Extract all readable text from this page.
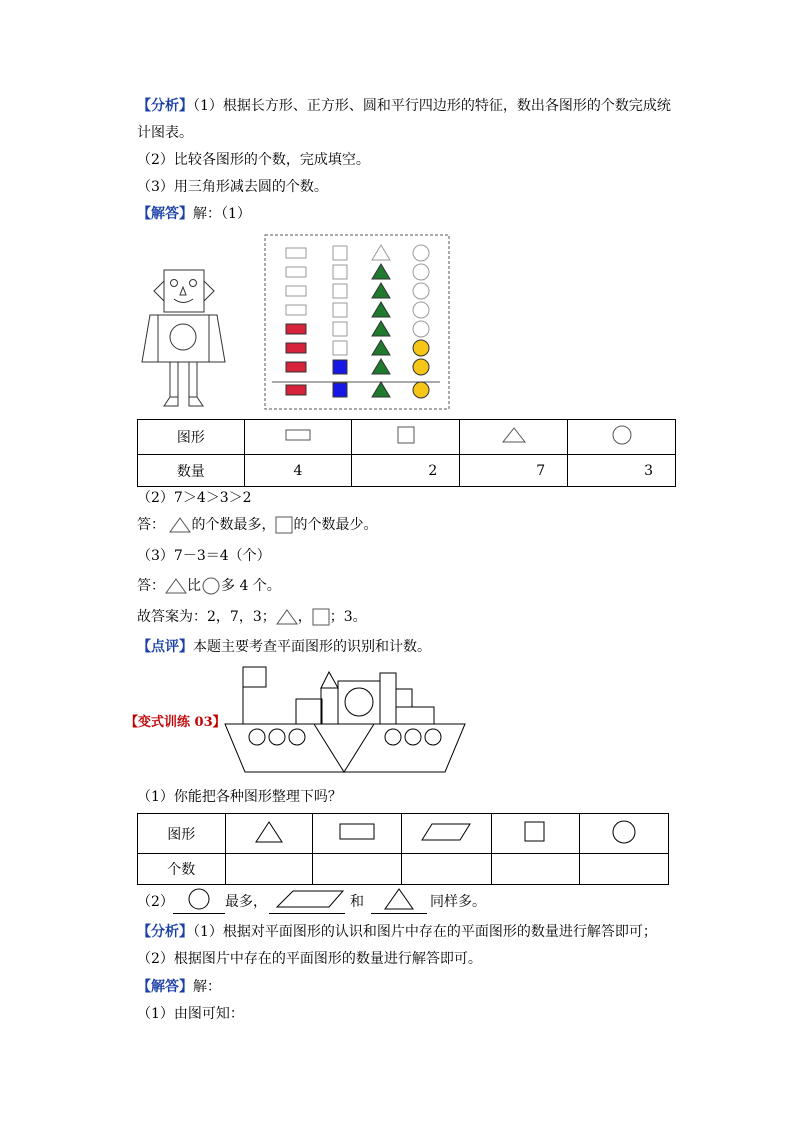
【分析】（1）根据长方形、正方形、圆和平行四边形的特征，数出各图形的个数完成统
计图表。
（2）比较各图形的个数，完成填空。
（3）用三角形减去圆的个数。
【解答】解：（1）
图形				
数量	4	2	7	3
（2）7＞4＞3＞2
答： 的个数最多， 的个数最少。
（3）7－3＝4（个）
答： 比 多 4 个。
故答案为：2，7，3； ， ；3。
【点评】本题主要考查平面图形的识别和计数。
【变式训练 03】
（1）你能把各种图形整理下吗？
图形					
个数					
（2）	最多，	和	同样多。
【分析】（1）根据对平面图形的认识和图片中存在的平面图形的数量进行解答即可；
（2）根据图片中存在的平面图形的数量进行解答即可。
【解答】解：
（1）由图可知：
